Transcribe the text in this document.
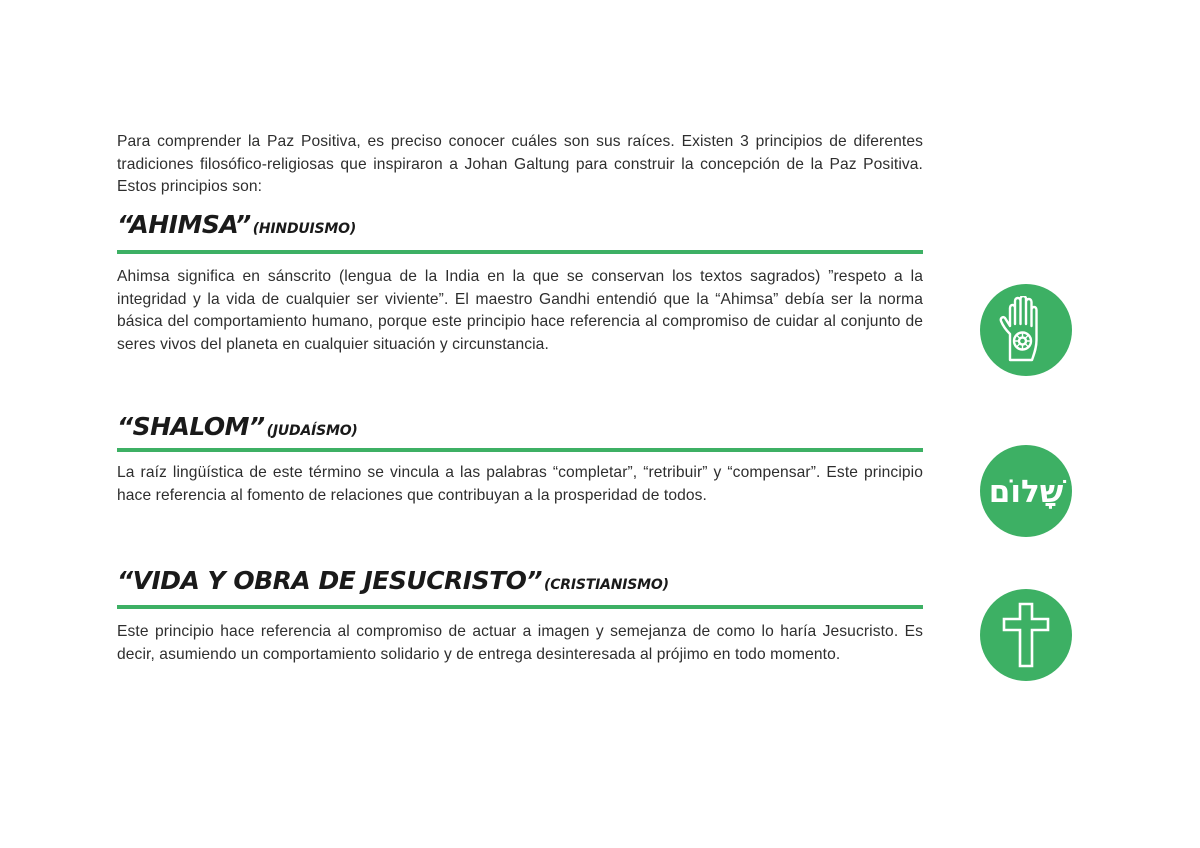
Para comprender la Paz Positiva, es preciso conocer cuáles son sus raíces. Existen 3 principios de diferentes tradiciones filosófico-religiosas que inspiraron a Johan Galtung para construir la concepción de la Paz Positiva. Estos principios son:

“AHIMSA” (HINDUISMO)

Ahimsa significa en sánscrito (lengua de la India en la que se conservan los textos sagrados) ”respeto a la integridad y la vida de cualquier ser viviente”. El maestro Gandhi entendió que la “Ahimsa” debía ser la norma básica del comportamiento humano, porque este principio hace referencia al compromiso de cuidar al conjunto de seres vivos del planeta en cualquier situación y circunstancia.

“SHALOM” (JUDAÍSMO)

La raíz lingüística de este término se vincula a las palabras “completar”, “retribuir” y “compensar”. Este principio hace referencia al fomento de relaciones que contribuyan a la prosperidad de todos.	שָׁלוֹם
“VIDA Y OBRA DE JESUCRISTO” (CRISTIANISMO)

Este principio hace referencia al compromiso de actuar a imagen y semejanza de como lo haría Jesucristo. Es decir, asumiendo un comportamiento solidario y de entrega desinteresada al prójimo en todo momento.
